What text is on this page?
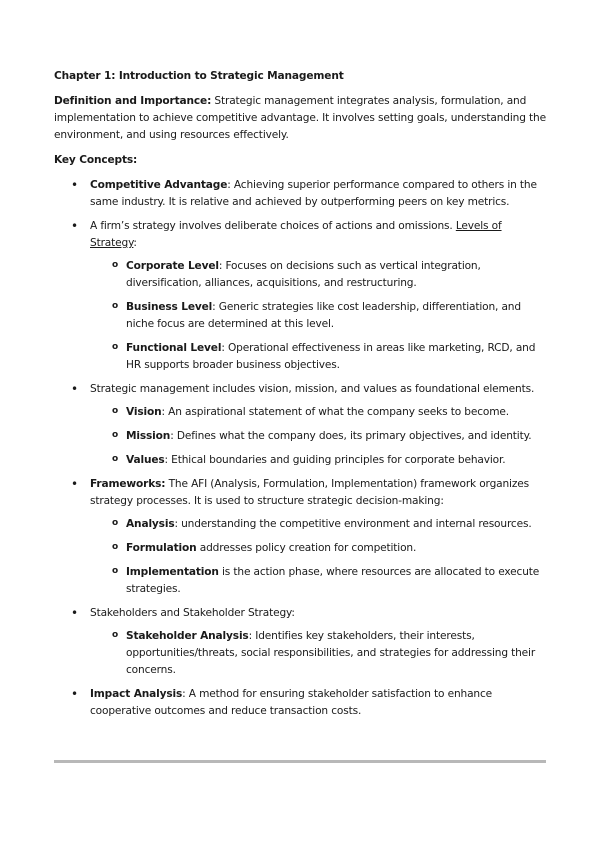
Chapter 1: Introduction to Strategic Management

Definition and Importance: Strategic management integrates analysis, formulation, and implementation to achieve competitive advantage. It involves setting goals, understanding the environment, and using resources effectively.

Key Concepts:

• Competitive Advantage: Achieving superior performance compared to others in the same industry. It is relative and achieved by outperforming peers on key metrics.
• A firm’s strategy involves deliberate choices of actions and omissions. Levels of Strategy:
o Corporate Level: Focuses on decisions such as vertical integration, diversification, alliances, acquisitions, and restructuring.
o Business Level: Generic strategies like cost leadership, differentiation, and niche focus are determined at this level.
o Functional Level: Operational effectiveness in areas like marketing, RCD, and HR supports broader business objectives.
• Strategic management includes vision, mission, and values as foundational elements.
o Vision: An aspirational statement of what the company seeks to become.
o Mission: Defines what the company does, its primary objectives, and identity.
o Values: Ethical boundaries and guiding principles for corporate behavior.
• Frameworks: The AFI (Analysis, Formulation, Implementation) framework organizes strategy processes. It is used to structure strategic decision-making:
o Analysis: understanding the competitive environment and internal resources.
o Formulation addresses policy creation for competition.
o Implementation is the action phase, where resources are allocated to execute strategies.
• Stakeholders and Stakeholder Strategy:
o Stakeholder Analysis: Identifies key stakeholders, their interests, opportunities/threats, social responsibilities, and strategies for addressing their concerns.
• Impact Analysis: A method for ensuring stakeholder satisfaction to enhance cooperative outcomes and reduce transaction costs.
